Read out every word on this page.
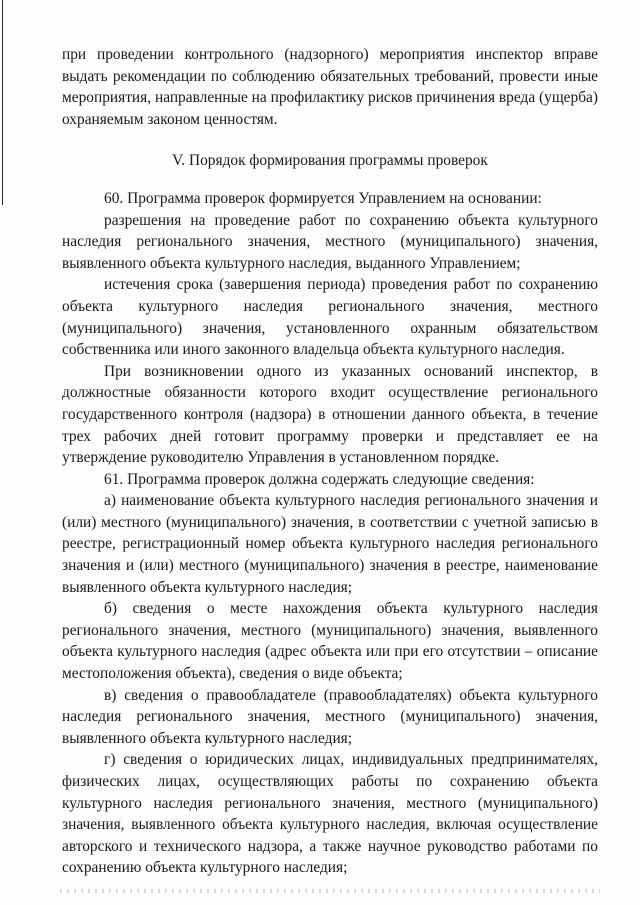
при проведении контрольного (надзорного) мероприятия инспектор вправе выдать рекомендации по соблюдению обязательных требований, провести иные мероприятия, направленные на профилактику рисков причинения вреда (ущерба) охраняемым законом ценностям.

V. Порядок формирования программы проверок

60. Программа проверок формируется Управлением на основании:

разрешения на проведение работ по сохранению объекта культурного наследия регионального значения, местного (муниципального) значения, выявленного объекта культурного наследия, выданного Управлением;

истечения срока (завершения периода) проведения работ по сохранению объекта культурного наследия регионального значения, местного (муниципального) значения, установленного охранным обязательством собственника или иного законного владельца объекта культурного наследия.

При возникновении одного из указанных оснований инспектор, в должностные обязанности которого входит осуществление регионального государственного контроля (надзора) в отношении данного объекта, в течение трех рабочих дней готовит программу проверки и представляет ее на утверждение руководителю Управления в установленном порядке.

61. Программа проверок должна содержать следующие сведения:

а) наименование объекта культурного наследия регионального значения и (или) местного (муниципального) значения, в соответствии с учетной записью в реестре, регистрационный номер объекта культурного наследия регионального значения и (или) местного (муниципального) значения в реестре, наименование выявленного объекта культурного наследия;

б) сведения о месте нахождения объекта культурного наследия регионального значения, местного (муниципального) значения, выявленного объекта культурного наследия (адрес объекта или при его отсутствии – описание местоположения объекта), сведения о виде объекта;

в) сведения о правообладателе (правообладателях) объекта культурного наследия регионального значения, местного (муниципального) значения, выявленного объекта культурного наследия;

г) сведения о юридических лицах, индивидуальных предпринимателях, физических лицах, осуществляющих работы по сохранению объекта культурного наследия регионального значения, местного (муниципального) значения, выявленного объекта культурного наследия, включая осуществление авторского и технического надзора, а также научное руководство работами по сохранению объекта культурного наследия;
